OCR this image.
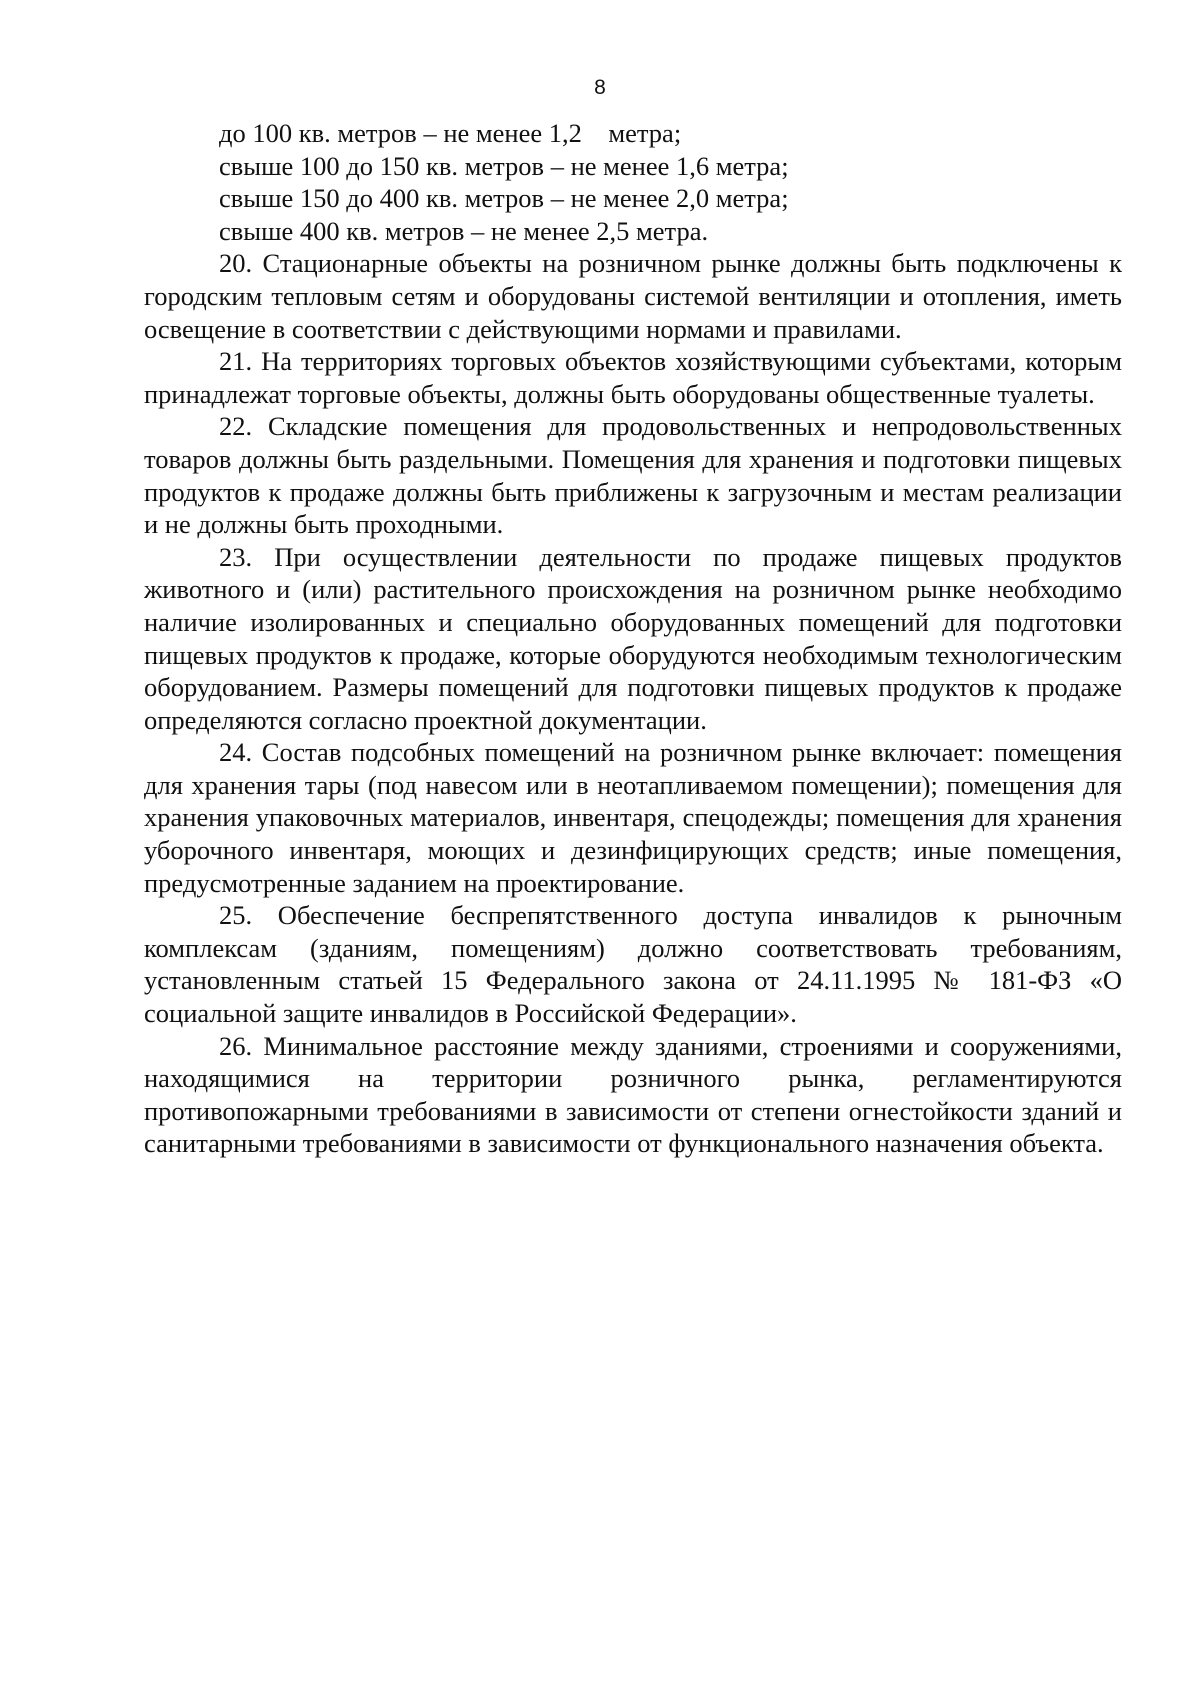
8

до 100 кв. метров – не менее 1,2    метра;

свыше 100 до 150 кв. метров – не менее 1,6 метра;

свыше 150 до 400 кв. метров – не менее 2,0 метра;

свыше 400 кв. метров – не менее 2,5 метра.

20. Стационарные объекты на розничном рынке должны быть подключены к городским тепловым сетям и оборудованы системой вентиляции и отопления, иметь освещение в соответствии с действующими нормами и правилами.

21. На территориях торговых объектов хозяйствующими субъектами, которым принадлежат торговые объекты, должны быть оборудованы общественные туалеты.

22. Складские помещения для продовольственных и непродовольственных товаров должны быть раздельными. Помещения для хранения и подготовки пищевых продуктов к продаже должны быть приближены к загрузочным и местам реализации и не должны быть проходными.

23. При осуществлении деятельности по продаже пищевых продуктов животного и (или) растительного происхождения на розничном рынке необходимо наличие изолированных и специально оборудованных помещений для подготовки пищевых продуктов к продаже, которые оборудуются необходимым технологическим оборудованием. Размеры помещений для подготовки пищевых продуктов к продаже определяются согласно проектной документации.

24. Состав подсобных помещений на розничном рынке включает: помещения для хранения тары (под навесом или в неотапливаемом помещении); помещения для хранения упаковочных материалов, инвентаря, спецодежды; помещения для хранения уборочного инвентаря, моющих и дезинфицирующих средств; иные помещения, предусмотренные заданием на проектирование.

25. Обеспечение беспрепятственного доступа инвалидов к рыночным комплексам (зданиям, помещениям) должно соответствовать требованиям, установленным статьей 15 Федерального закона от 24.11.1995 № 181-ФЗ «О социальной защите инвалидов в Российской Федерации».

26. Минимальное расстояние между зданиями, строениями и сооружениями, находящимися на территории розничного рынка, регламентируются противопожарными требованиями в зависимости от степени огнестойкости зданий и санитарными требованиями в зависимости от функционального назначения объекта.
